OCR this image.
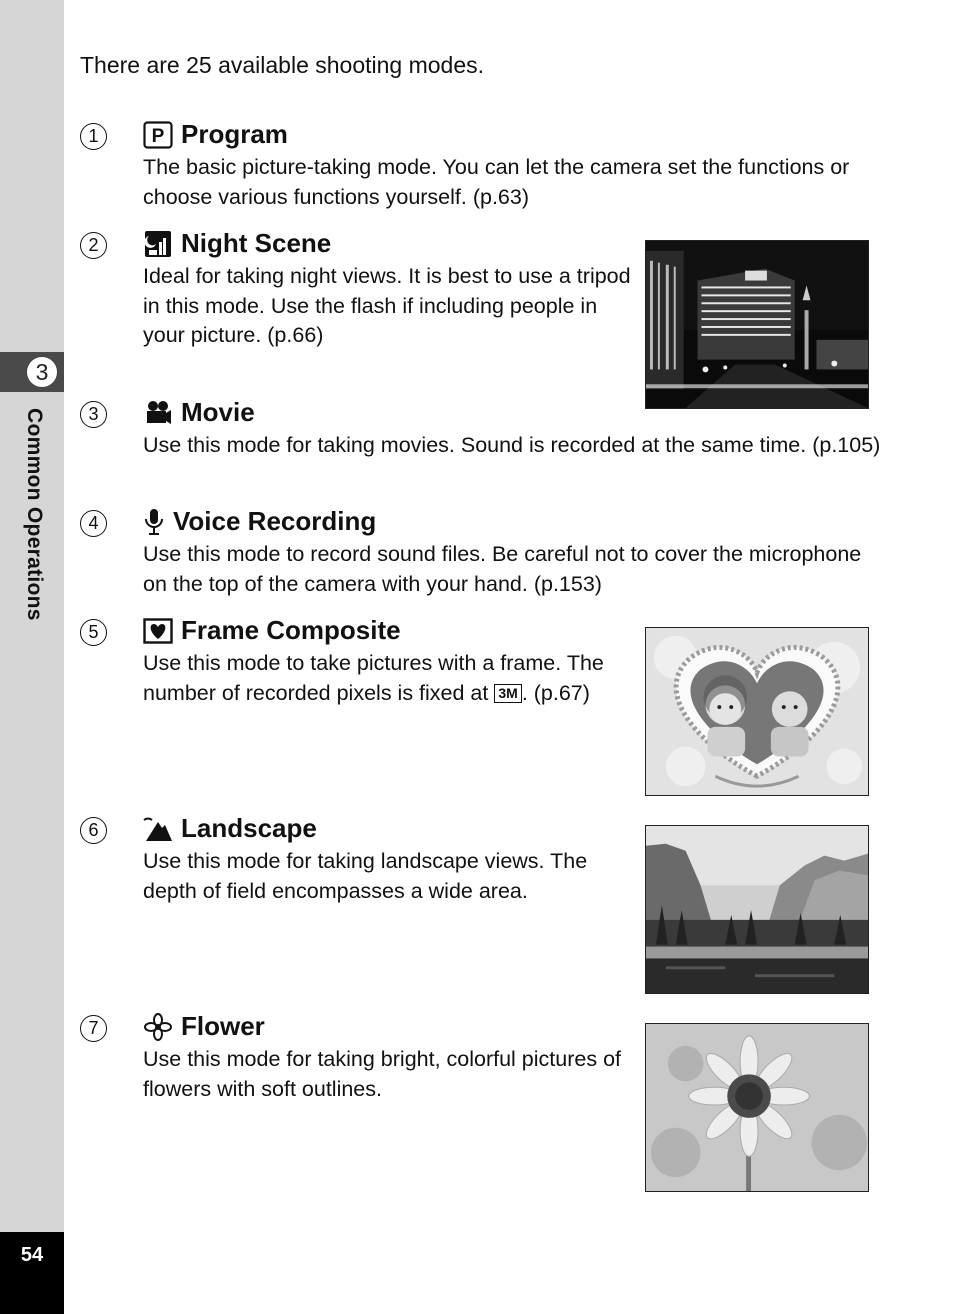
3
Common Operations
54

There are 25 available shooting modes.

1	P Program

The basic picture-taking mode. You can let the camera set the functions or choose various functions yourself. (p.63)

2	Night Scene

Ideal for taking night views. It is best to use a tripod in this mode. Use the flash if including people in your picture. (p.66)

3	Movie

Use this mode for taking movies. Sound is recorded at the same time. (p.105)

4	Voice Recording

Use this mode to record sound files. Be careful not to cover the microphone on the top of the camera with your hand. (p.153)

5	Frame Composite

Use this mode to take pictures with a frame. The number of recorded pixels is fixed at 3M . (p.67)

6	Landscape

Use this mode for taking landscape views. The depth of field encompasses a wide area.

7	Flower

Use this mode for taking bright, colorful pictures of flowers with soft outlines.
